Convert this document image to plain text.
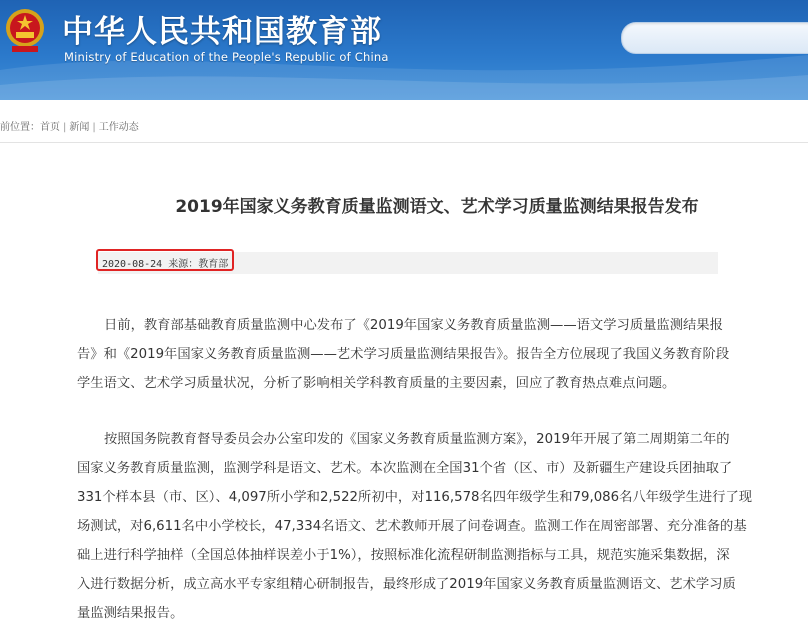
中华人民共和国教育部
Ministry of Education of the People's Republic of China
前位置：首页 | 新闻 | 工作动态
2019年国家义务教育质量监测语文、艺术学习质量监测结果报告发布
2020-08-24 来源：教育部
日前，教育部基础教育质量监测中心发布了《2019年国家义务教育质量监测——语文学习质量监测结果报
告》和《2019年国家义务教育质量监测——艺术学习质量监测结果报告》。报告全方位展现了我国义务教育阶段
学生语文、艺术学习质量状况，分析了影响相关学科教育质量的主要因素，回应了教育热点难点问题。
按照国务院教育督导委员会办公室印发的《国家义务教育质量监测方案》，2019年开展了第二周期第二年的
国家义务教育质量监测，监测学科是语文、艺术。本次监测在全国31个省（区、市）及新疆生产建设兵团抽取了
331个样本县（市、区）、4,097所小学和2,522所初中，对116,578名四年级学生和79,086名八年级学生进行了现
场测试，对6,611名中小学校长，47,334名语文、艺术教师开展了问卷调查。监测工作在周密部署、充分准备的基
础上进行科学抽样（全国总体抽样误差小于1%），按照标准化流程研制监测指标与工具，规范实施采集数据，深
入进行数据分析，成立高水平专家组精心研制报告，最终形成了2019年国家义务教育质量监测语文、艺术学习质
量监测结果报告。
